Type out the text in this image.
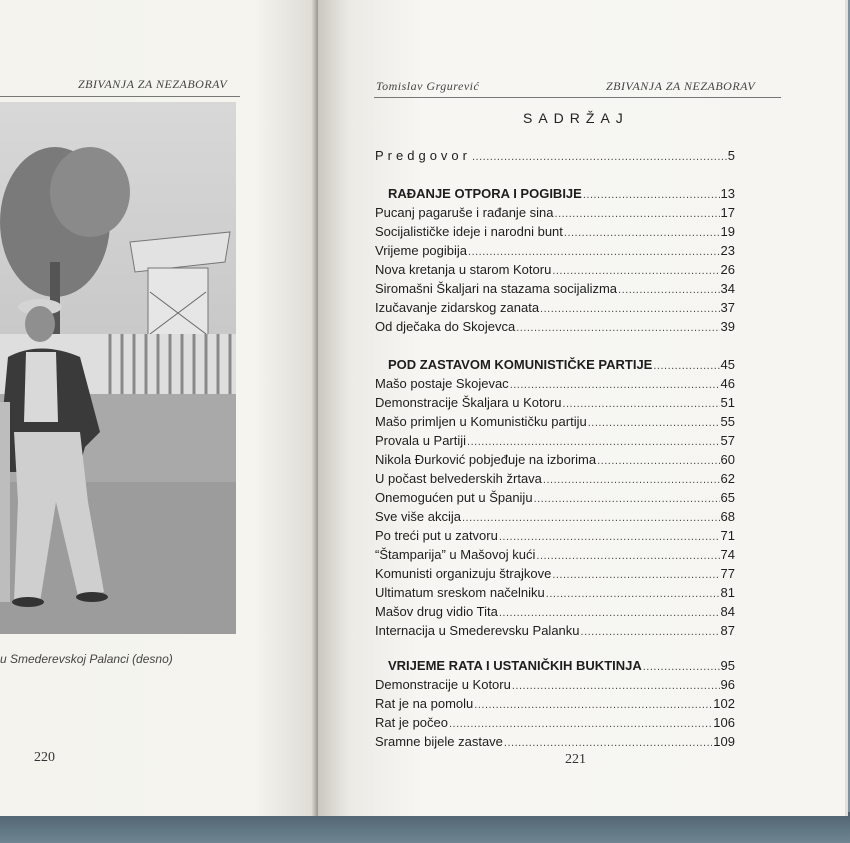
ZBIVANJA ZA NEZABORAV
u Smederevskoj Palanci (desno)
220
Tomislav Grgurević	ZBIVANJA ZA NEZABORAV
SADRŽAJ
Predgovor .....	5
RAĐANJE OTPORA I POGIBIJE .....	13
Pucanj pagaruše i rađanje sina .....	17
Socijalističke ideje i narodni bunt .....	19
Vrijeme pogibija .....	23
Nova kretanja u starom Kotoru .....	26
Siromašni Škaljari na stazama socijalizma .....	34
Izučavanje zidarskog zanata .....	37
Od dječaka do Skojevca .....	39
POD ZASTAVOM KOMUNISTIČKE PARTIJE .....	45
Mašo postaje Skojevac .....	46
Demonstracije Škaljara u Kotoru .....	51
Mašo primljen u Komunističku partiju .....	55
Provala u Partiji .....	57
Nikola Đurković pobjeđuje na izborima .....	60
U počast belvederskih žrtava .....	62
Onemogućen put u Španiju .....	65
Sve više akcija .....	68
Po treći put u zatvoru .....	71
“Štamparija” u Mašovoj kući .....	74
Komunisti organizuju štrajkove .....	77
Ultimatum sreskom načelniku .....	81
Mašov drug vidio Tita .....	84
Internacija u Smederevsku Palanku .....	87
VRIJEME RATA I USTANIČKIH BUKTINJA .....	95
Demonstracije u Kotoru .....	96
Rat je na pomolu .....	102
Rat je počeo .....	106
Sramne bijele zastave .....	109
221
